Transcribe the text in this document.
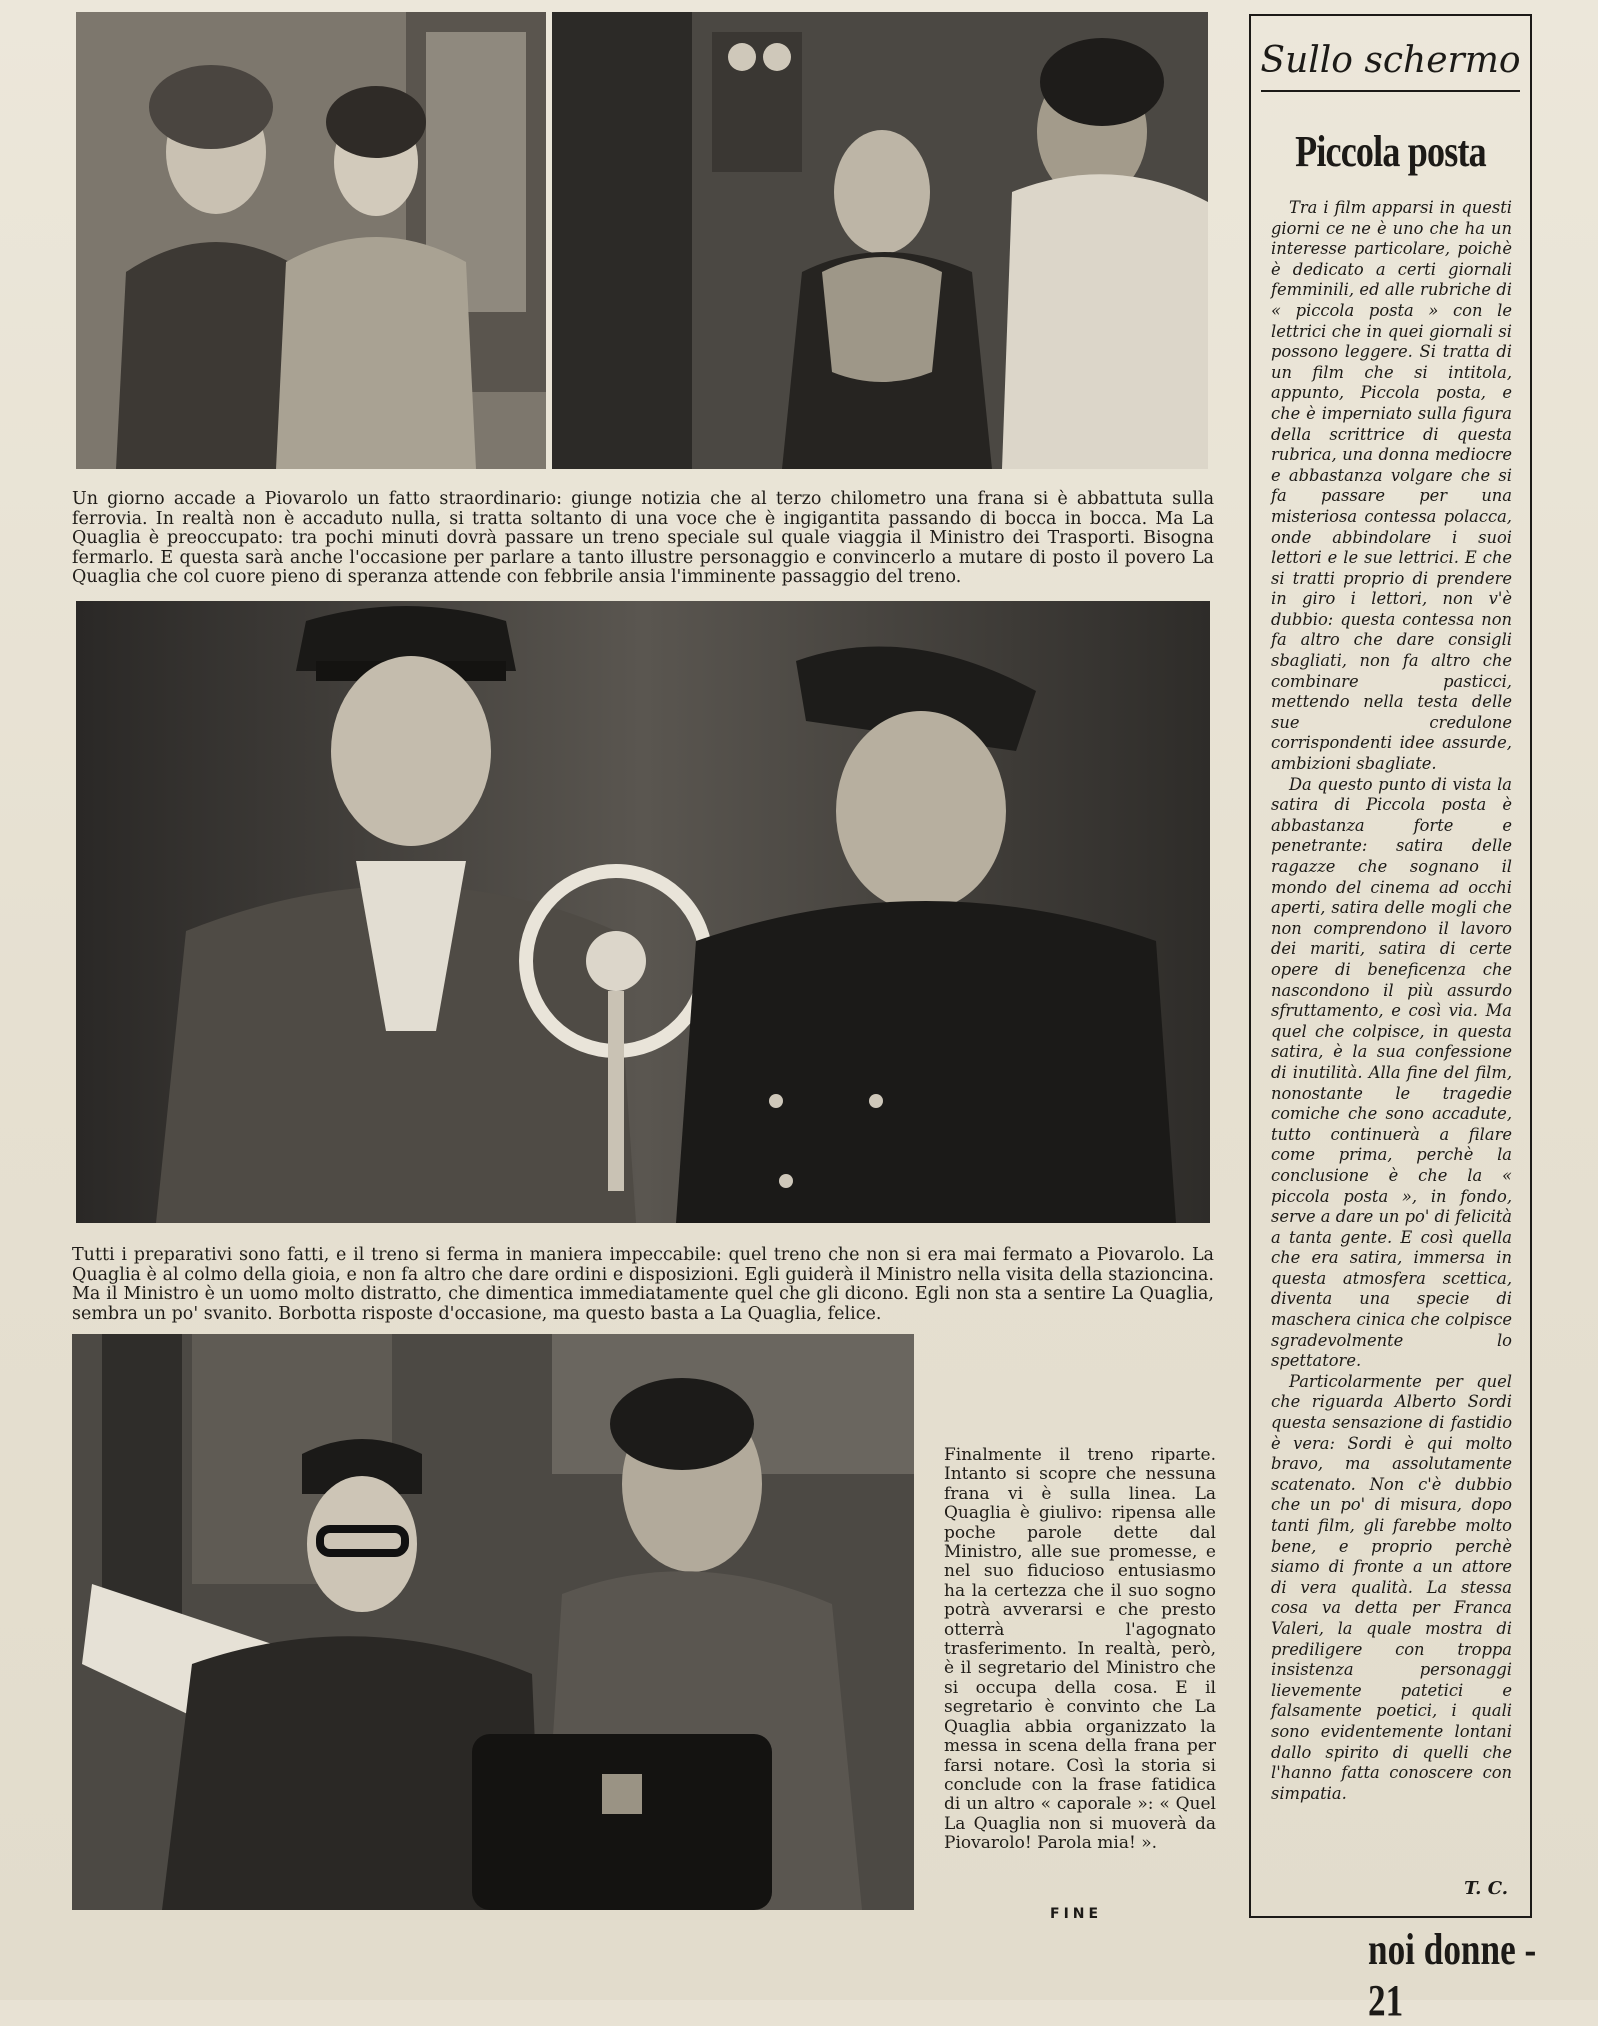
Un giorno accade a Piovarolo un fatto straordinario: giunge notizia che al terzo chilometro una frana si è abbattuta sulla ferrovia. In realtà non è accaduto nulla, si tratta soltanto di una voce che è ingigantita passando di bocca in bocca. Ma La Quaglia è preoccupato: tra pochi minuti dovrà passare un treno speciale sul quale viaggia il Ministro dei Trasporti. Bisogna fermarlo. E questa sarà anche l'occasione per parlare a tanto illustre personaggio e convincerlo a mutare di posto il povero La Quaglia che col cuore pieno di speranza attende con febbrile ansia l'imminente passaggio del treno.
Tutti i preparativi sono fatti, e il treno si ferma in maniera impeccabile: quel treno che non si era mai fermato a Piovarolo. La Quaglia è al colmo della gioia, e non fa altro che dare ordini e disposizioni. Egli guiderà il Ministro nella visita della stazioncina. Ma il Ministro è un uomo molto distratto, che dimentica immediatamente quel che gli dicono. Egli non sta a sentire La Quaglia, sembra un po' svanito. Borbotta risposte d'occasione, ma questo basta a La Quaglia, felice.
Finalmente il treno riparte. Intanto si scopre che nessuna frana vi è sulla linea. La Quaglia è giulivo: ripensa alle poche parole dette dal Ministro, alle sue promesse, e nel suo fiducioso entusiasmo ha la certezza che il suo sogno potrà avverarsi e che presto otterrà l'agognato trasferimento. In realtà, però, è il segretario del Ministro che si occupa della cosa. E il segretario è convinto che La Quaglia abbia organizzato la messa in scena della frana per farsi notare. Così la storia si conclude con la frase fatidica di un altro « caporale »: « Quel La Quaglia non si muoverà da Piovarolo! Parola mia! ».
FINE
Sullo schermo
Piccola posta

Tra i film apparsi in questi giorni ce ne è uno che ha un interesse particolare, poichè è dedicato a certi giornali femminili, ed alle rubriche di « piccola posta » con le lettrici che in quei giornali si possono leggere. Si tratta di un film che si intitola, appunto, Piccola posta, e che è imperniato sulla figura della scrittrice di questa rubrica, una donna mediocre e abbastanza volgare che si fa passare per una misteriosa contessa polacca, onde abbindolare i suoi lettori e le sue lettrici. E che si tratti proprio di prendere in giro i lettori, non v'è dubbio: questa contessa non fa altro che dare consigli sbagliati, non fa altro che combinare pasticci, mettendo nella testa delle sue credulone corrispondenti idee assurde, ambizioni sbagliate.

Da questo punto di vista la satira di Piccola posta è abbastanza forte e penetrante: satira delle ragazze che sognano il mondo del cinema ad occhi aperti, satira delle mogli che non comprendono il lavoro dei mariti, satira di certe opere di beneficenza che nascondono il più assurdo sfruttamento, e così via. Ma quel che colpisce, in questa satira, è la sua confessione di inutilità. Alla fine del film, nonostante le tragedie comiche che sono accadute, tutto continuerà a filare come prima, perchè la conclusione è che la « piccola posta », in fondo, serve a dare un po' di felicità a tanta gente. E così quella che era satira, immersa in questa atmosfera scettica, diventa una specie di maschera cinica che colpisce sgradevolmente lo spettatore.

Particolarmente per quel che riguarda Alberto Sordi questa sensazione di fastidio è vera: Sordi è qui molto bravo, ma assolutamente scatenato. Non c'è dubbio che un po' di misura, dopo tanti film, gli farebbe molto bene, e proprio perchè siamo di fronte a un attore di vera qualità. La stessa cosa va detta per Franca Valeri, la quale mostra di prediligere con troppa insistenza personaggi lievemente patetici e falsamente poetici, i quali sono evidentemente lontani dallo spirito di quelli che l'hanno fatta conoscere con simpatia.

T. C.
noi donne - 21
